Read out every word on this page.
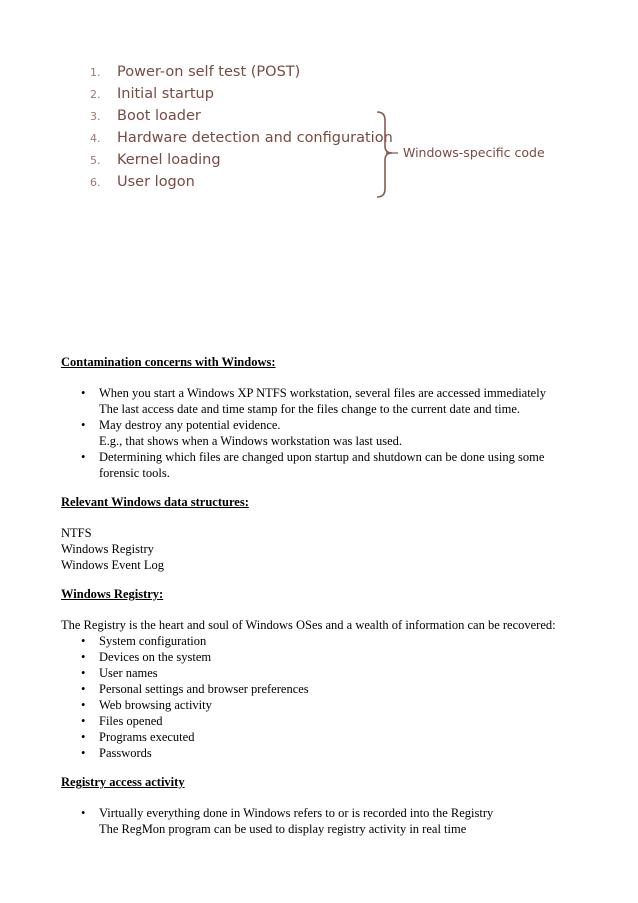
1. Power-on self test (POST)
2. Initial startup
3. Boot loader
4. Hardware detection and configuration
5. Kernel loading
6. User logon
Windows-specific code

Contamination concerns with Windows:

• When you start a Windows XP NTFS workstation, several files are accessed immediately
The last access date and time stamp for the files change to the current date and time.
• May destroy any potential evidence.
E.g., that shows when a Windows workstation was last used.
• Determining which files are changed upon startup and shutdown can be done using some
forensic tools.

Relevant Windows data structures:

NTFS

Windows Registry

Windows Event Log

Windows Registry:

The Registry is the heart and soul of Windows OSes and a wealth of information can be recovered:

• System configuration
• Devices on the system
• User names
• Personal settings and browser preferences
• Web browsing activity
• Files opened
• Programs executed
• Passwords

Registry access activity

• Virtually everything done in Windows refers to or is recorded into the Registry
The RegMon program can be used to display registry activity in real time
